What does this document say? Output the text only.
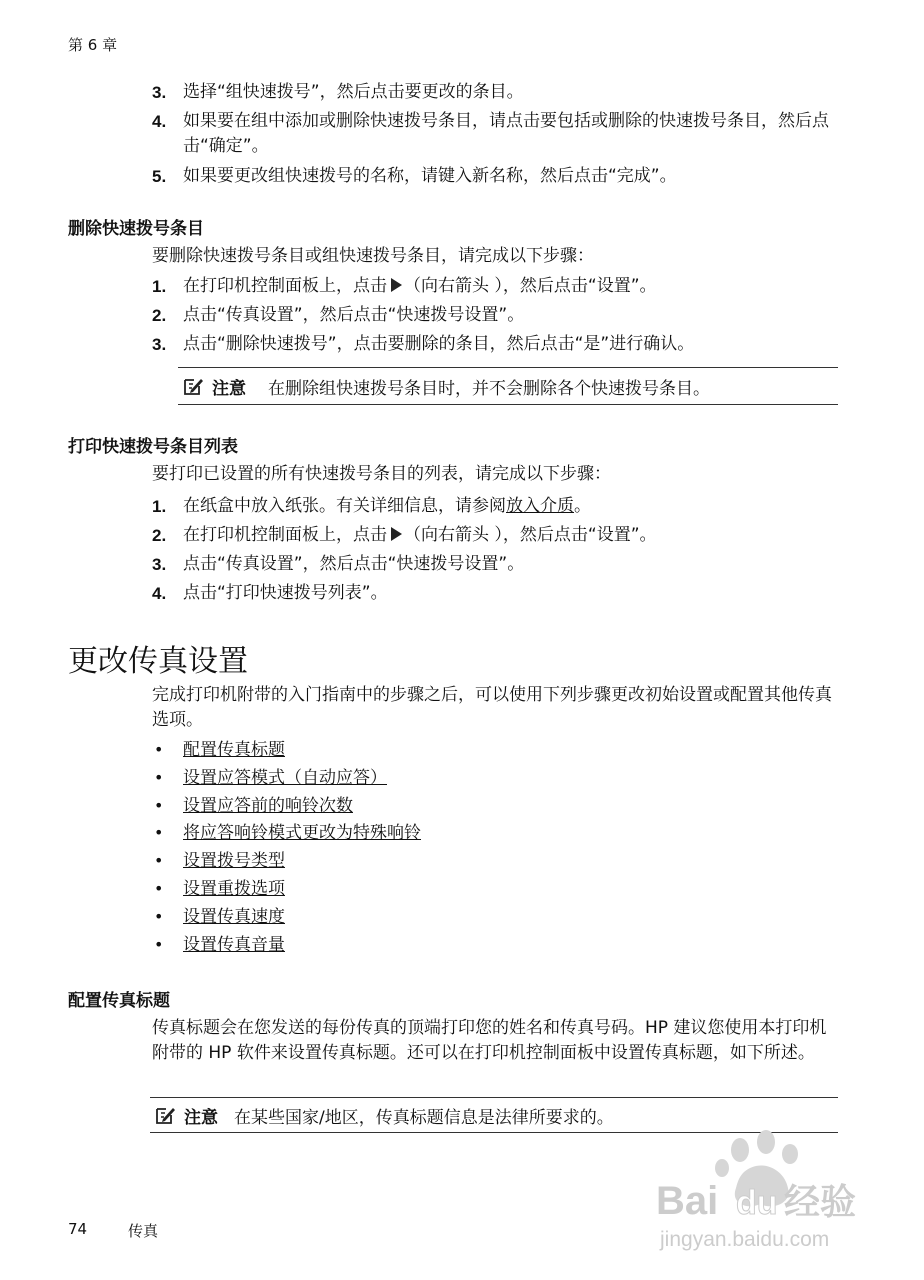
第 6 章
3. 选择“组快速拨号”，然后点击要更改的条目。
4. 如果要在组中添加或删除快速拨号条目，请点击要包括或删除的快速拨号条目，然后点击“确定”。
5. 如果要更改组快速拨号的名称，请键入新名称，然后点击“完成”。
删除快速拨号条目

要删除快速拨号条目或组快速拨号条目，请完成以下步骤：

1. 在打印机控制面板上，点击 （向右箭头 ），然后点击“设置”。
2. 点击“传真设置”，然后点击“快速拨号设置”。
3. 点击“删除快速拨号”，点击要删除的条目，然后点击“是”进行确认。
注意 在删除组快速拨号条目时，并不会删除各个快速拨号条目。
打印快速拨号条目列表

要打印已设置的所有快速拨号条目的列表，请完成以下步骤：

1. 在纸盒中放入纸张。有关详细信息，请参阅放入介质。
2. 在打印机控制面板上，点击 （向右箭头 ），然后点击“设置”。
3. 点击“传真设置”，然后点击“快速拨号设置”。
4. 点击“打印快速拨号列表”。
更改传真设置

完成打印机附带的入门指南中的步骤之后，可以使用下列步骤更改初始设置或配置其他传真选项。

• 配置传真标题
• 设置应答模式（自动应答）
• 设置应答前的响铃次数
• 将应答响铃模式更改为特殊响铃
• 设置拨号类型
• 设置重拨选项
• 设置传真速度
• 设置传真音量
配置传真标题

传真标题会在您发送的每份传真的顶端打印您的姓名和传真号码。HP 建议您使用本打印机附带的 HP 软件来设置传真标题。还可以在打印机控制面板中设置传真标题，如下所述。

注意 在某些国家/地区，传真标题信息是法律所要求的。
74	传真
Bai du 经验
jingyan.baidu.com
